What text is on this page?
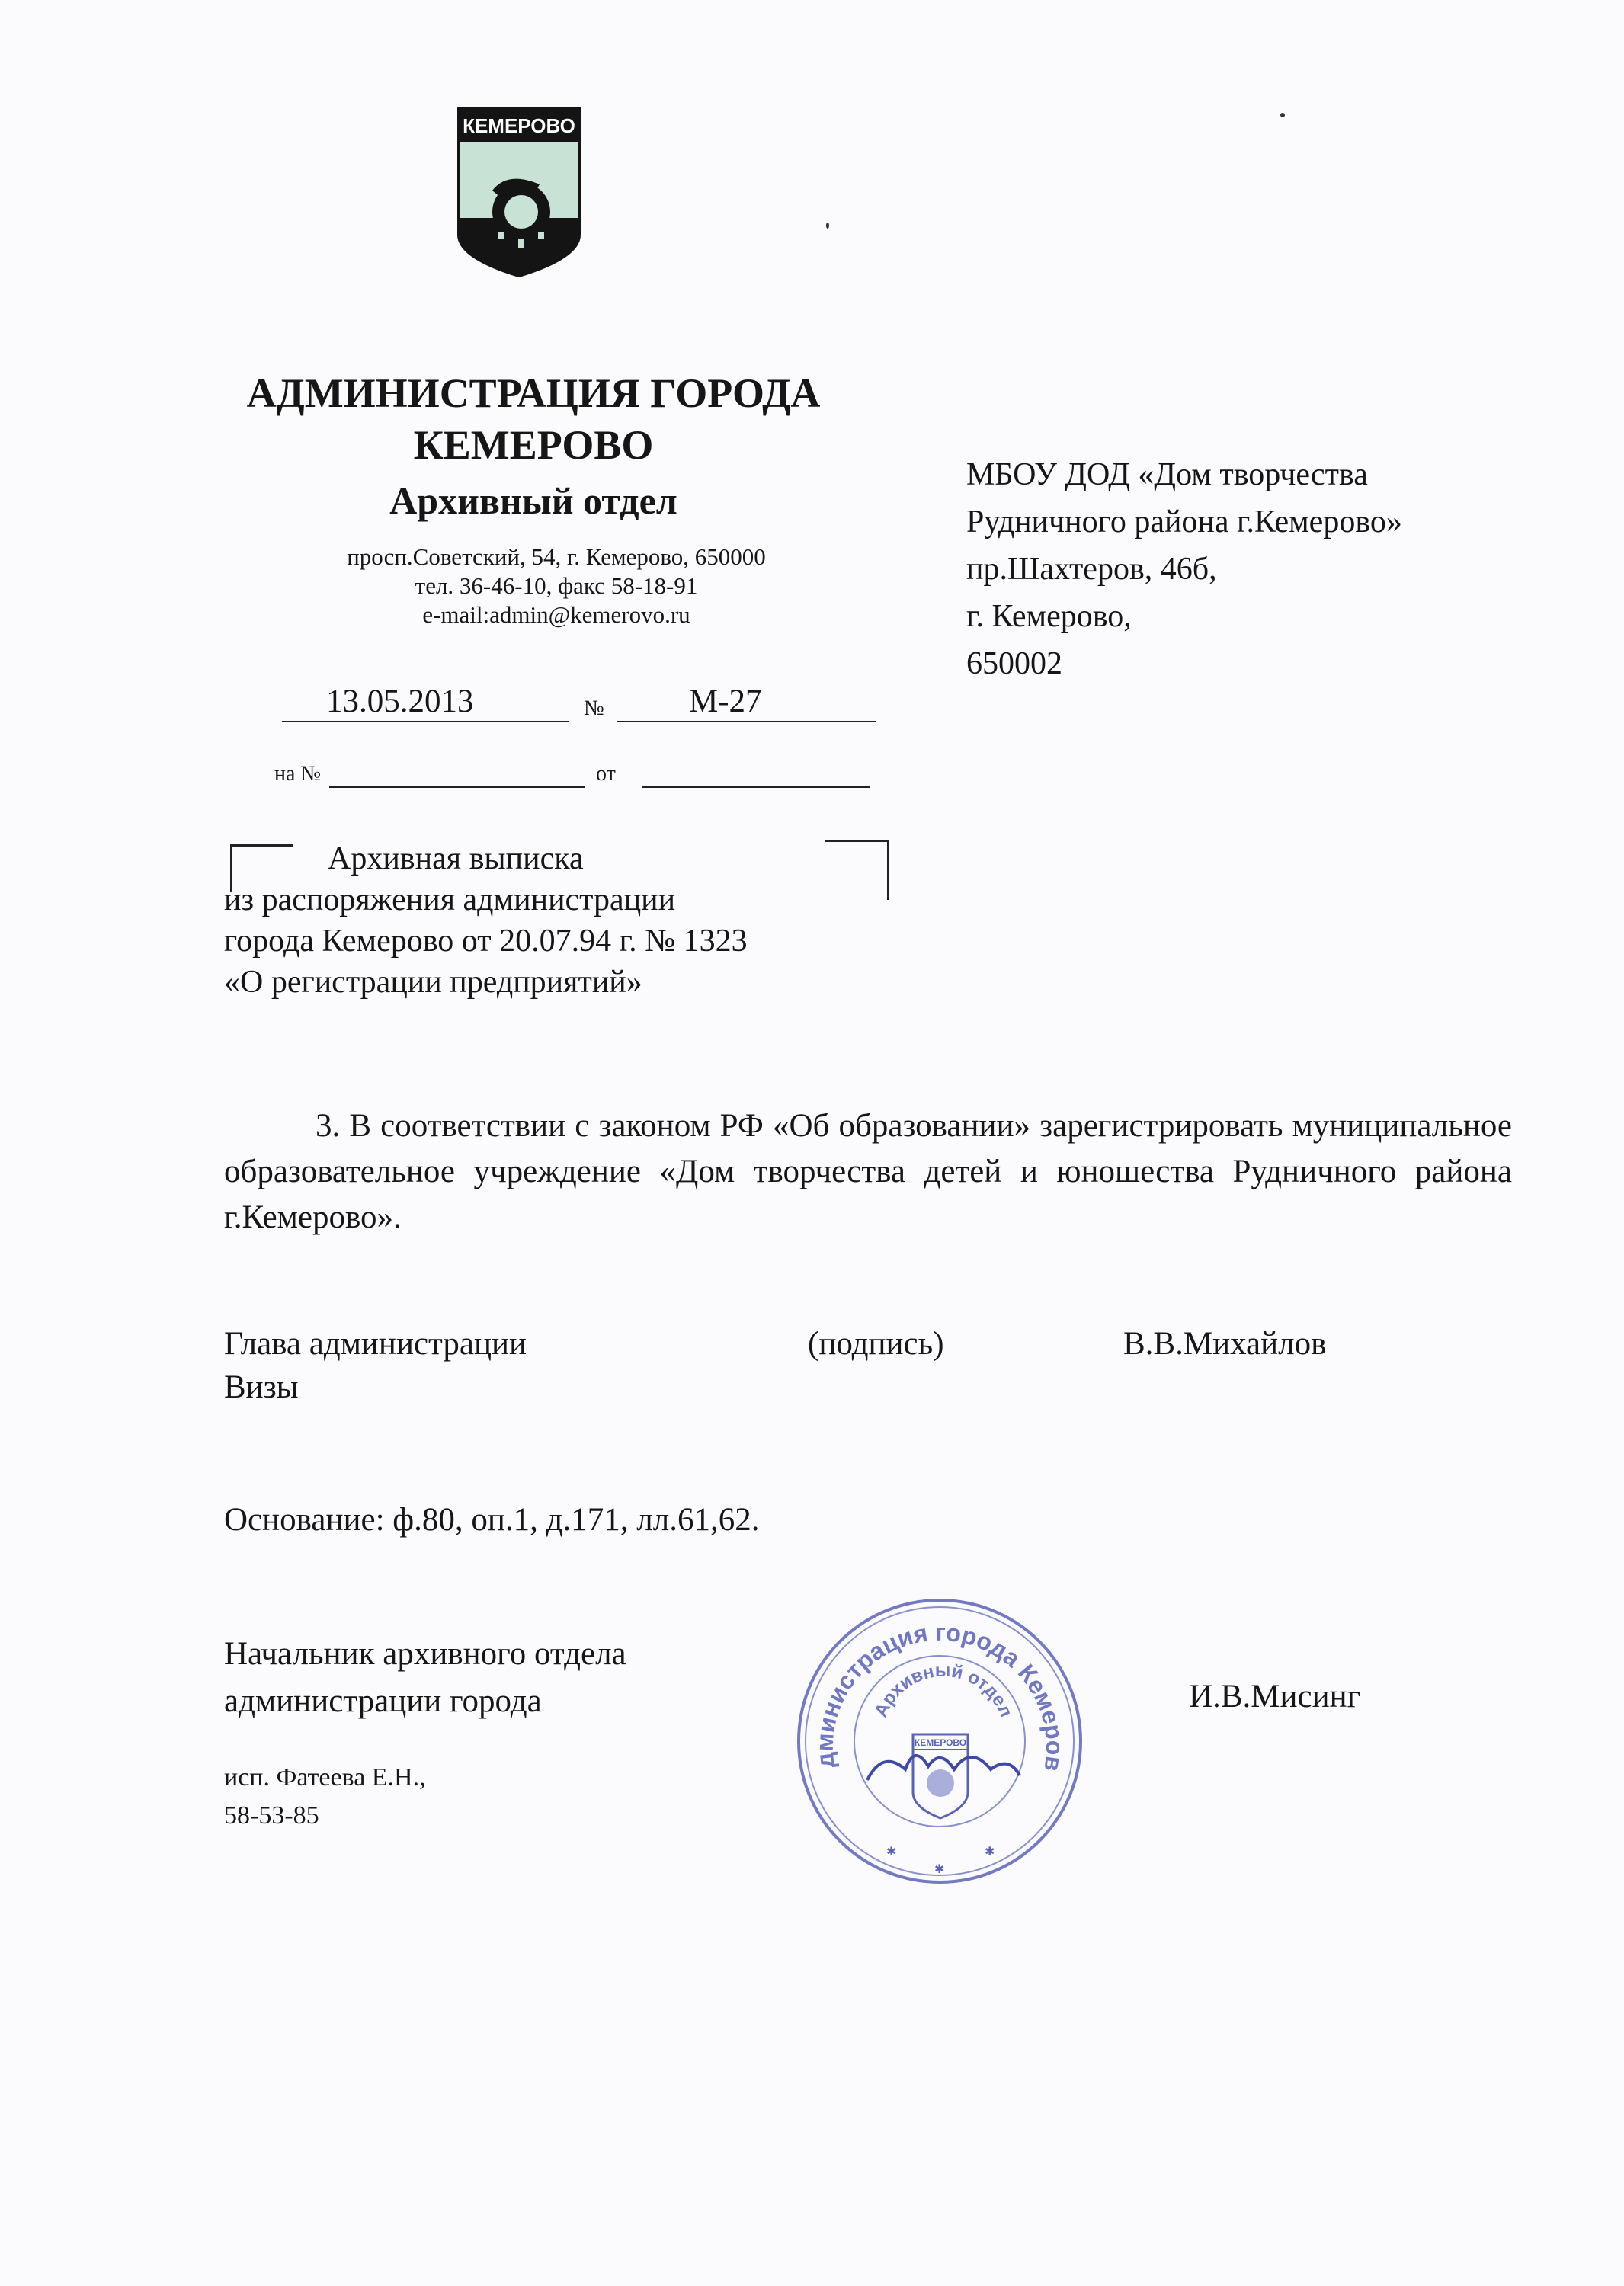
КЕМЕРОВО
АДМИНИСТРАЦИЯ ГОРОДА
КЕМЕРОВО
Архивный отдел
просп.Советский, 54, г. Кемерово, 650000
тел. 36-46-10, факс 58-18-91
e-mail:admin@kemerovo.ru
МБОУ ДОД «Дом творчества
Рудничного района г.Кемерово»
пр.Шахтеров, 46б,
г. Кемерово,
650002
13.05.2013	№	М-27
на №	от
Архивная выписка
из распоряжения администрации
города Кемерово от 20.07.94 г. № 1323
«О регистрации предприятий»
3. В соответствии с законом РФ «Об образовании» зарегистрировать муниципальное образовательное учреждение «Дом творчества детей и юношества Рудничного района г.Кемерово».
Глава администрации	(подпись)	В.В.Михайлов
Визы
Основание: ф.80, оп.1, д.171, лл.61,62.
Начальник архивного отдела
администрации города	И.В.Мисинг
исп. Фатеева Е.Н.,
58-53-85
дминистрация города Кемеров
Архивный отдел
КЕМЕРОВО
✱
✱
✱
